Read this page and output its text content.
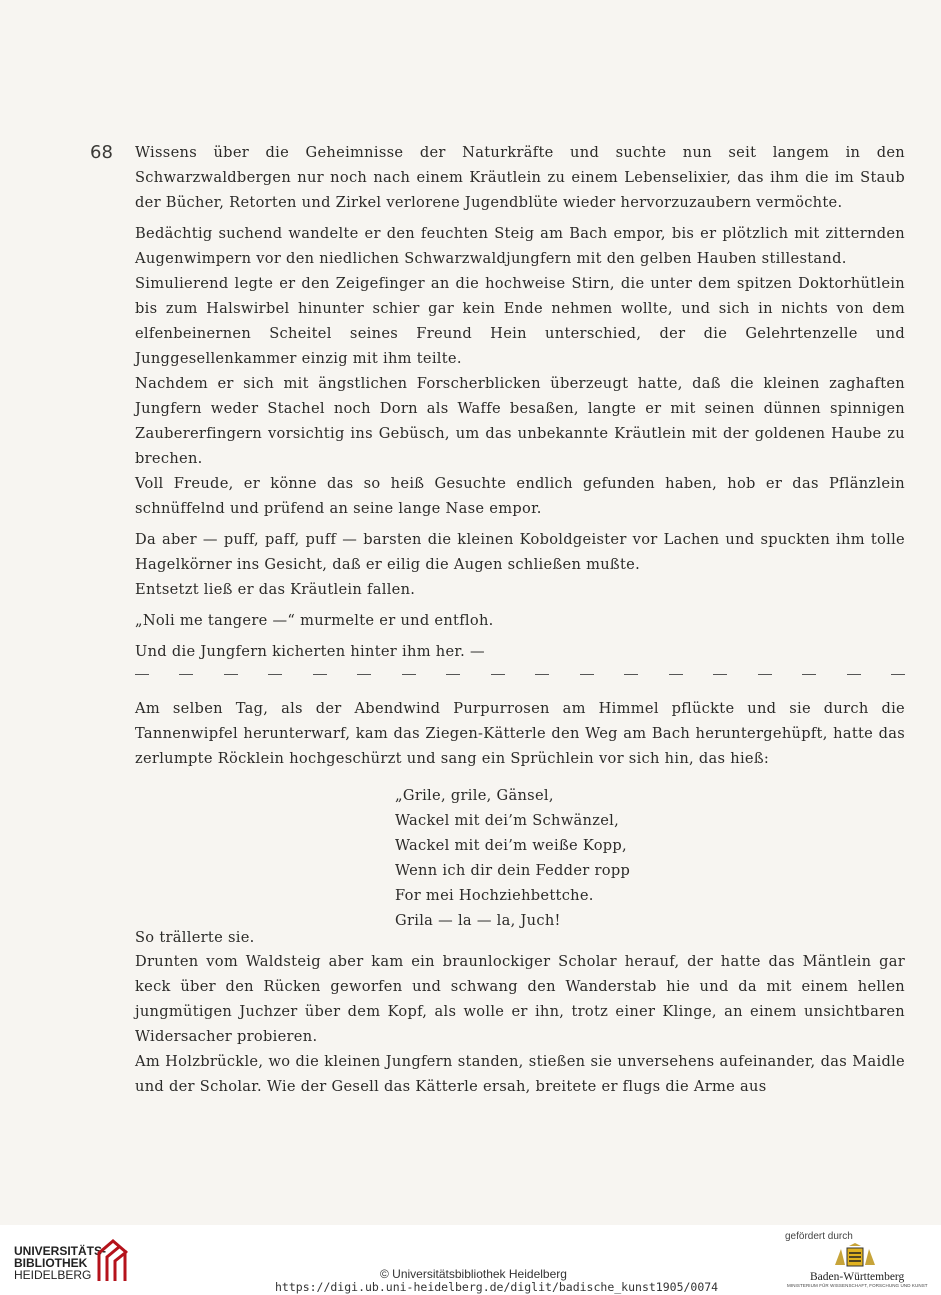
68 Wissens über die Geheimnisse der Naturkräfte und suchte nun seit langem in den Schwarzwaldbergen nur noch nach einem Kräutlein zu einem Lebenselixier, das ihm die im Staub der Bücher, Retorten und Zirkel verlorene Jugendblüte wieder hervorzuzaubern vermöchte.

Bedächtig suchend wandelte er den feuchten Steig am Bach empor, bis er plötzlich mit zitternden Augenwimpern vor den niedlichen Schwarzwaldjungfern mit den gelben Hauben stillestand.

Simulierend legte er den Zeigefinger an die hochweise Stirn, die unter dem spitzen Doktorhütlein bis zum Halswirbel hinunter schier gar kein Ende nehmen wollte, und sich in nichts von dem elfenbeinernen Scheitel seines Freund Hein unterschied, der die Gelehrtenzelle und Junggesellenkammer einzig mit ihm teilte.

Nachdem er sich mit ängstlichen Forscherblicken überzeugt hatte, daß die kleinen zaghaften Jungfern weder Stachel noch Dorn als Waffe besaßen, langte er mit seinen dünnen spinnigen Zaubererfingern vorsichtig ins Gebüsch, um das unbekannte Kräutlein mit der goldenen Haube zu brechen.

Voll Freude, er könne das so heiß Gesuchte endlich gefunden haben, hob er das Pflänzlein schnüffelnd und prüfend an seine lange Nase empor.

Da aber — puff, paff, puff — barsten die kleinen Koboldgeister vor Lachen und spuckten ihm tolle Hagelkörner ins Gesicht, daß er eilig die Augen schließen mußte.

Entsetzt ließ er das Kräutlein fallen.

„Noli me tangere —“ murmelte er und entfloh.

Und die Jungfern kicherten hinter ihm her. —

Am selben Tag, als der Abendwind Purpurrosen am Himmel pflückte und sie durch die Tannenwipfel herunterwarf, kam das Ziegen-Kätterle den Weg am Bach heruntergehüpft, hatte das zerlumpte Röcklein hochgeschürzt und sang ein Sprüchlein vor sich hin, das hieß:

„Grile, grile, Gänsel,
Wackel mit dei’m Schwänzel,
Wackel mit dei’m weiße Kopp,
Wenn ich dir dein Fedder ropp
For mei Hochziehbettche.
Grila — la — la, Juch!
So trällerte sie.

Drunten vom Waldsteig aber kam ein braunlockiger Scholar herauf, der hatte das Mäntlein gar keck über den Rücken geworfen und schwang den Wanderstab hie und da mit einem hellen jungmütigen Juchzer über dem Kopf, als wolle er ihn, trotz einer Klinge, an einem unsichtbaren Widersacher probieren.

Am Holzbrückle, wo die kleinen Jungfern standen, stießen sie unversehens aufeinander, das Maidle und der Scholar. Wie der Gesell das Kätterle ersah, breitete er flugs die Arme aus

UNIVERSITÄTS-
BIBLIOTHEK
HEIDELBERG	© Universitätsbibliothek Heidelberg
https://digi.ub.uni-heidelberg.de/diglit/badische_kunst1905/0074
gefördert durch
Baden-Württemberg
MINISTERIUM FÜR WISSENSCHAFT, FORSCHUNG UND KUNST
